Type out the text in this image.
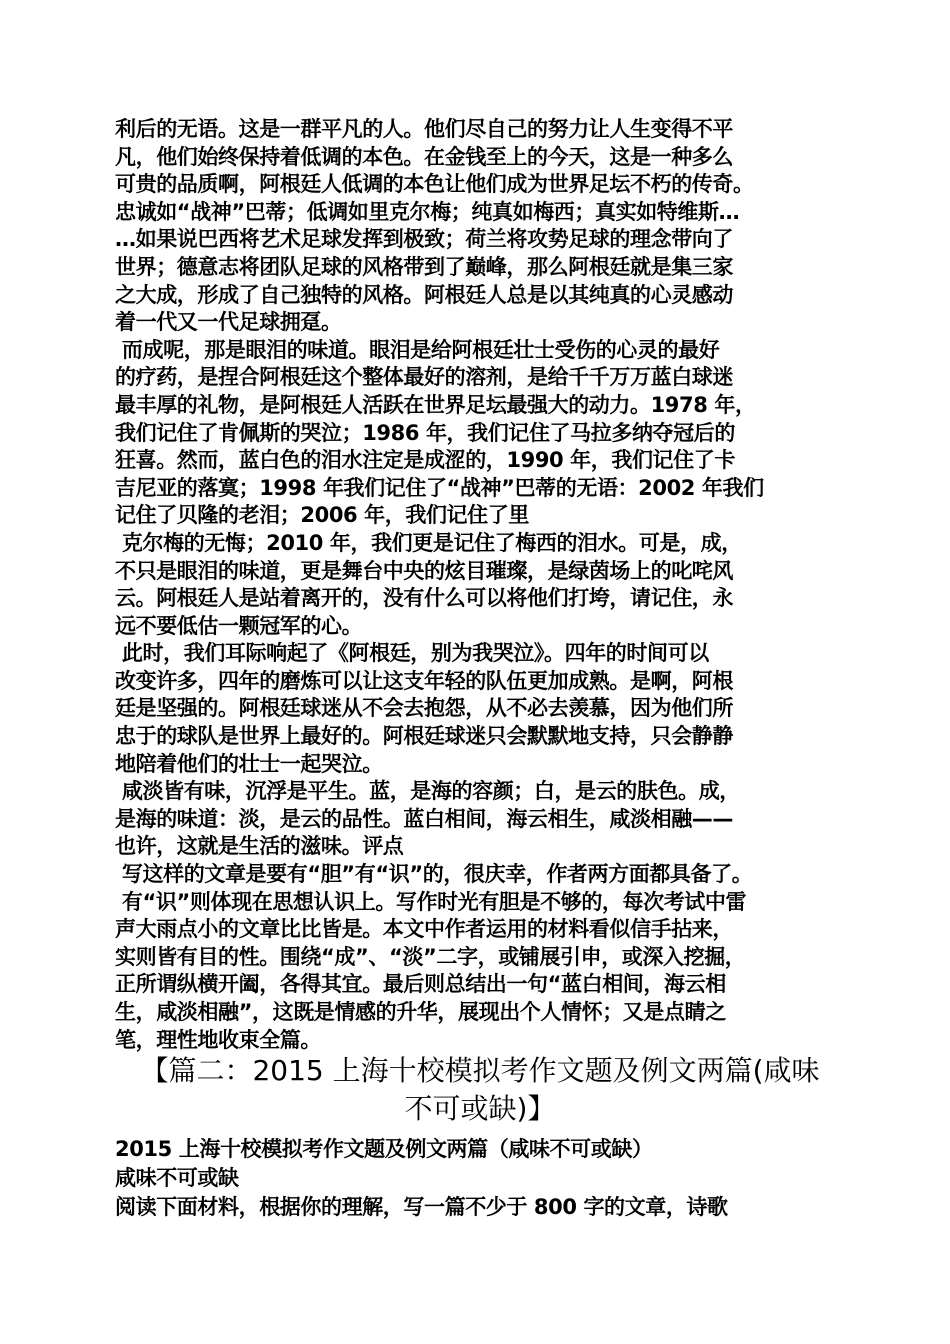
利后的无语。这是一群平凡的人。他们尽自己的努力让人生变得不平
凡，他们始终保持着低调的本色。在金钱至上的今天，这是一种多么
可贵的品质啊，阿根廷人低调的本色让他们成为世界足坛不朽的传奇。
忠诚如“战神”巴蒂；低调如里克尔梅；纯真如梅西；真实如特维斯…
…如果说巴西将艺术足球发挥到极致；荷兰将攻势足球的理念带向了
世界；德意志将团队足球的风格带到了巅峰，那么阿根廷就是集三家
之大成，形成了自己独特的风格。阿根廷人总是以其纯真的心灵感动
着一代又一代足球拥趸。
而成呢，那是眼泪的味道。眼泪是给阿根廷壮士受伤的心灵的最好
的疗药，是捏合阿根廷这个整体最好的溶剂，是给千千万万蓝白球迷
最丰厚的礼物，是阿根廷人活跃在世界足坛最强大的动力。1978 年，
我们记住了肯佩斯的哭泣；1986 年，我们记住了马拉多纳夺冠后的
狂喜。然而，蓝白色的泪水注定是成涩的，1990 年，我们记住了卡
吉尼亚的落寞；1998 年我们记住了“战神”巴蒂的无语：2002 年我们
记住了贝隆的老泪；2006 年，我们记住了里
克尔梅的无悔；2010 年，我们更是记住了梅西的泪水。可是，成，
不只是眼泪的味道，更是舞台中央的炫目璀璨，是绿茵场上的叱咤风
云。阿根廷人是站着离开的，没有什么可以将他们打垮，请记住，永
远不要低估一颗冠军的心。
此时，我们耳际响起了《阿根廷，别为我哭泣》。四年的时间可以
改变许多，四年的磨炼可以让这支年轻的队伍更加成熟。是啊，阿根
廷是坚强的。阿根廷球迷从不会去抱怨，从不必去羡慕，因为他们所
忠于的球队是世界上最好的。阿根廷球迷只会默默地支持，只会静静
地陪着他们的壮士一起哭泣。
咸淡皆有味，沉浮是平生。蓝，是海的容颜；白，是云的肤色。成，
是海的味道：淡，是云的品性。蓝白相间，海云相生，咸淡相融——
也许，这就是生活的滋味。评点
写这样的文章是要有“胆”有“识”的，很庆幸，作者两方面都具备了。
有“识”则体现在思想认识上。写作时光有胆是不够的，每次考试中雷
声大雨点小的文章比比皆是。本文中作者运用的材料看似信手拈来，
实则皆有目的性。围绕“成”、“淡”二字，或铺展引申，或深入挖掘，
正所谓纵横开阖，各得其宜。最后则总结出一句“蓝白相间，海云相
生，咸淡相融”，这既是情感的升华，展现出个人情怀；又是点睛之
笔，理性地收束全篇。
【篇二：2015 上海十校模拟考作文题及例文两篇(咸味
不可或缺)】
2015 上海十校模拟考作文题及例文两篇（咸味不可或缺）
咸味不可或缺
阅读下面材料，根据你的理解，写一篇不少于 800 字的文章，诗歌
